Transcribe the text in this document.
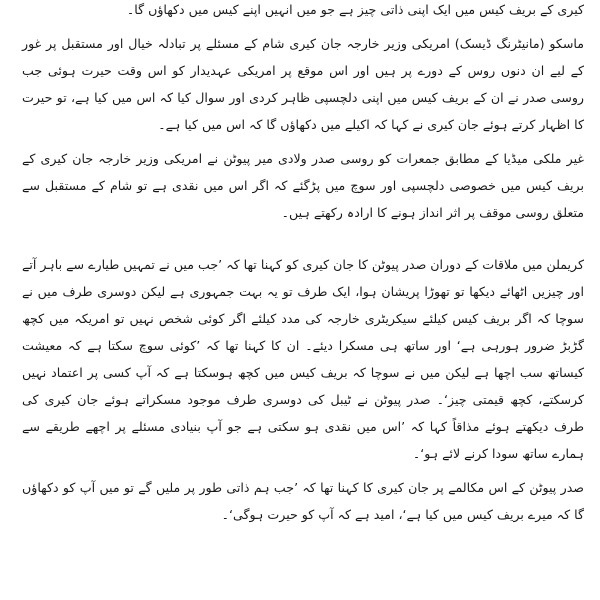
کیری کے بریف کیس میں ایک اپنی ذاتی چیز ہے جو میں انہیں اپنے کیس میں دکھاؤں گا۔

ماسکو (مانیٹرنگ ڈیسک) امریکی وزیر خارجہ جان کیری شام کے مسئلے پر تبادلہ خیال اور مستقبل پر غور کے لیے ان دنوں روس کے دورے پر ہیں اور اس موقع پر امریکی عہدیدار کو اس وقت حیرت ہوئی جب روسی صدر نے ان کے بریف کیس میں اپنی دلچسپی ظاہر کردی اور سوال کیا کہ اس میں کیا ہے، تو حیرت کا اظہار کرتے ہوئے جان کیری نے کہا کہ اکیلے میں دکھاؤں گا کہ اس میں کیا ہے۔

غیر ملکی میڈیا کے مطابق جمعرات کو روسی صدر ولادی میر پیوٹن نے امریکی وزیر خارجہ جان کیری کے بریف کیس میں خصوصی دلچسپی اور سوچ میں پڑگئے کہ اگر اس میں نقدی ہے تو شام کے مستقبل سے متعلق روسی موقف پر اثر انداز ہونے کا ارادہ رکھتے ہیں۔

کریملن میں ملاقات کے دوران صدر پیوٹن کا جان کیری کو کہنا تھا کہ ’جب میں نے تمہیں طیارے سے باہر آتے اور چیزیں اٹھائے دیکھا تو تھوڑا پریشان ہوا، ایک طرف تو یہ بہت جمہوری ہے لیکن دوسری طرف میں نے سوچا کہ اگر بریف کیس کیلئے سیکریٹری خارجہ کی مدد کیلئے اگر کوئی شخص نہیں تو امریکہ میں کچھ گڑبڑ ضرور ہورہی ہے‘ اور ساتھ ہی مسکرا دیئے۔ ان کا کہنا تھا کہ ’کوئی سوچ سکتا ہے کہ معیشت کیساتھ سب اچھا ہے لیکن میں نے سوچا کہ بریف کیس میں کچھ ہوسکتا ہے کہ آپ کسی پر اعتماد نہیں کرسکتے، کچھ قیمتی چیز‘۔ صدر پیوٹن نے ٹیبل کی دوسری طرف موجود مسکراتے ہوئے جان کیری کی طرف دیکھتے ہوئے مذاقاً کہا کہ ’اس میں نقدی ہو سکتی ہے جو آپ بنیادی مسئلے پر اچھے طریقے سے ہمارے ساتھ سودا کرنے لائے ہو‘۔

صدر پیوٹن کے اس مکالمے پر جان کیری کا کہنا تھا کہ ’جب ہم ذاتی طور پر ملیں گے تو میں آپ کو دکھاؤں گا کہ میرے بریف کیس میں کیا ہے‘، امید ہے کہ آپ کو حیرت ہوگی‘۔
